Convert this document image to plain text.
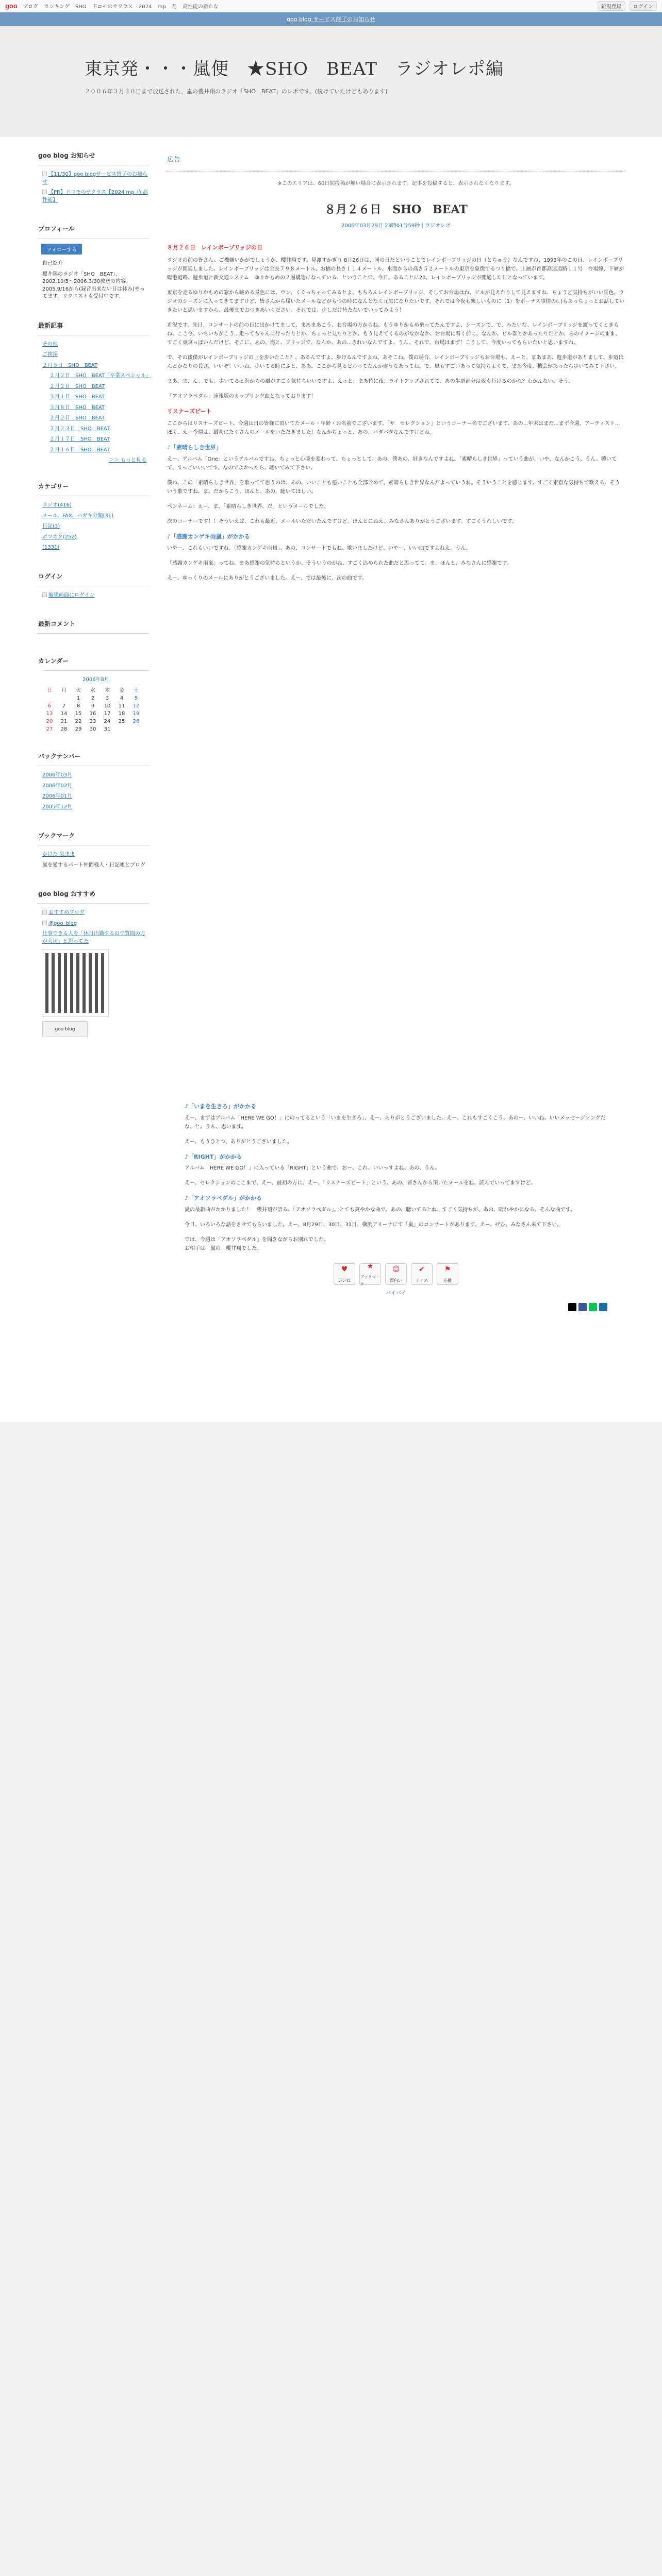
goo ブログ ランキング SHO ドコモのサクラス 2024 mp 乃 高性能の新たな	新規登録	ログイン
goo blog サービス終了のお知らせ
東京発・・・嵐便　★SHO　BEAT　ラジオレポ編

２００６年３月３０日まで放送された、嵐の櫻井翔のラジオ「SHO　BEAT」のレポです。(続けていたけどもあります)

goo blog お知らせ
【11/30】goo blogサービス終了のお知らせ
【PR】ドコモのサクラス【2024 mp 乃 高性能】
プロフィール
フォローする
自己紹介
櫻井翔のラジオ「SHO　BEAT」、2002.10/5〜2006.3/30放送の内容。2005.9/16から(録音出来ない日は休み)やってます。リクエストも受付中です。
最新記事
その他
ご挨拶
２月５日　SHO　BEAT
２月２日　SHO　BEAT「卒業スペシャル」
２月２日　SHO　BEAT
３月１日　SHO　BEAT
３月８日　SHO　BEAT
２月２日　SHO　BEAT
２月２３日　SHO　BEAT
２月１７日　SHO　BEAT
２月１６日　SHO　BEAT
＞＞ もっと見る
カテゴリー
ラジオ(416)
メール、FAX、ハガキ分類(31)
日記(3)
ボツネタ(252)
(1331)
ログイン
編集画面にログイン
最新コメント
カレンダー
2006年8月
日	月	火	水	木	金	土
		1	2	3	4	5
6	7	8	9	10	11	12
13	14	15	16	17	18	19
20	21	22	23	24	25	26
27	28	29	30	31		
バックナンバー
2006年03月
2006年02月
2006年01月
2005年12月
ブックマーク
かけた 気まま
嵐を愛するパート仲間様人・日記帳とプログ
goo blog おすすめ
おすすめブログ
@goo_blog
仕事できる人を「休日出勤するので質問の方が大切」と思ってた
goo blog
広告
※このエリアは、60日間投稿が無い場合に表示されます。記事を投稿すると、表示されなくなります。
８月２６日　SHO　BEAT
2006年03月29日 23時01分59秒 | ラジオレポ
８月２６日　レインボーブリッジの日

ラジオの前の皆さん、ご機嫌いかがでしょうか、櫻井翔です。見渡すかぎり 8月26日は、同の日だということでレインボーブリッジの日（とちゅう）なんですね、1993年のこの日、レインボーブリッジが開通しました。レインボーブリッジは全長７９８メートル、お橋の長さ１１４メートル、水面からの高さ５２メートルの東京を象徴するつり橋で、上層が首都高速道路１１号　台場線、下層が臨港道路、遊歩道と新交通システム　ゆりかもめの２層構造になっている、ということで、今日、あることに20、レインボーブリッジが開通した日となっています。

東京を走るゆりかもめの窓から眺める景色には、ウン、くぐっちゃってみるとよ、もちろんレインボーブリッジ、そしてお台場はね、ビルが見えたりして見えますね、ちょうど気持ちがいい景色、ラジオのシーズンに入ってきてますけど、皆さんから届いたメールなどがもつの時になんとなく元気になりたいです。それでは今夜も楽しいものに（1）をボーナス事情の(、)もあっちょっとお話していきたいと思いますから、最後までおつきあいください。それでは、少しだけ待たないでいってみよう！

近況です。先日、コンサートの前の日に出かけてまして、まあまあこう、お台場の方からね、もうゆりかもめ乗ってたんですよ、シーズンで、で、みたいな、レインボーブリッジを渡ってくときもね、ここ今、いちいちがこう...走ってちゃんに行ったりとか、ちょっと見たりとか、もう見えてくるのがなかなか、お台場に着く前に、なんか、ビル群とかあったりだとか、あのイメージのまま、すごく東京っぽいんだけど、そこに、あの、海と、ブリッジで、なんか、あの...きれいなんですよ、うん、それで、台場はまず！こうして、今度いってもらいたいと思いますね。

で、その後僕がレインボーブリッジの上を歩いたこと？、あるんですよ。歩けるんですよね、あそこね。僕の場合、レインボーブリッジもお台場も、えーと、まあまあ、遊歩道がありまして、歩道ほんとかなりの長さ。いいぞ！いいね、歩いてる時にふと、ああ、ここから見るビルってなんか違うなあってね。で、風もすごいあって気持ちよくて、まあ今度、機会があったら歩いてみて下さい。

まあ、ま、ん、でも、歩いてると海からの風がすごく気持ちいいですよ、えっと、まあ特に夜、ライトアップされてて、あの歩道部分は夜も行けるのかな？わかんない。そう。

「アオソラペダル」速報版のカップリング曲となっております！

リスナーズピート

ここからはリスナーズピート、今週は日の皆様に頂いてたメール・年齢・お名前でございます。「サ　セレクション」というコーナー名でございます。あの...年末はまだ...まず今週、アーティスト...ぼく、えー今週は、最初にたくさんのメールをいただきました！なんかちょっと、あの、バタバタなんですけどね。

♪「素晴らしき世界」

えー、アルバム「One」というアルバムですね、ちょっと心境を変わって、ちょっとして、あの、僕あの、好きなんですよね、「素晴らしき世界」っていう曲が、いや、なんかこう、うん、聴いてて、すっごいいいです。なのでよかったら、聴いてみて下さい。

僕ね、この「素晴らしき世界」を歌ってて思うのは、あの、いいことも悪いことも全部含めて、素晴らしき世界なんだよっていうね。そういうことを感じます。すごく素直な気持ちで歌える、そういう歌ですね。ま、だからこう、ほんと、あの、聴いてほしい。

ペンネーム：えー、ま、「素晴らしき世界、だ」というメールでした。

次のコーナーです！！そういえば、これも最近、メールいただいたんですけど、ほんとにねえ、みなさんありがとうございます。すごくうれしいです。

♪「感謝カンゲキ雨嵐」がかかる

いやー、これもいいですね。「感謝カンゲキ雨嵐」、あの、コンサートでもね、歌いましたけど、いやー、いい曲ですよねえ。うん。

「感謝カンゲキ雨嵐」ってね、まあ感謝の気持ちというか、そういうのがね、すごく込められた曲だと思ってて。ま、ほんと、みなさんに感謝です。

えー、ゆっくりのメールにありがとうございました。えー、では最後に、次の曲です。

♪「いまを生きろ」がかかる

えー、まずはアルバム「HERE WE GO！」にのってるという「いまを生きろ」、えー、ありがとうございました。えー、これもすごくこう、あのー、いいね。いいメッセージソングだな、と。うん、思います。

えー、もうひとつ、ありがとうございました。

♪「RIGHT」がかかる

アルバム「HERE WE GO！」に入っている「RIGHT」という曲で、おー、これ、いいっすよね、あの、うん。

えー、セレクションのここまで、えー、最初の方に、えー、「リスナーズピート」という、あの、皆さんから頂いたメールをね、読んでいってますけど。

♪「アオソラペダル」がかかる

嵐の最新曲がかかりました！　櫻井翔が語る、「アオソラペダル」。とても爽やかな曲で、あの、聴いてるとね、すごく気持ちが、あの、晴れやかになる。そんな曲です。

今日、いろいろな話をさせてもらいました。えー、8月29日、30日、31日、横浜アリーナにて「嵐」のコンサートがあります。えー、ぜひ、みなさん来て下さい。

では、今週は「アオソラペダル」を聞きながらお別れでした。
お相手は　嵐の　櫻井翔でした。

♥
いいね
★
ブックマーク
☺
面白い
✔
ナイス
⚑
応援
バイバイ
